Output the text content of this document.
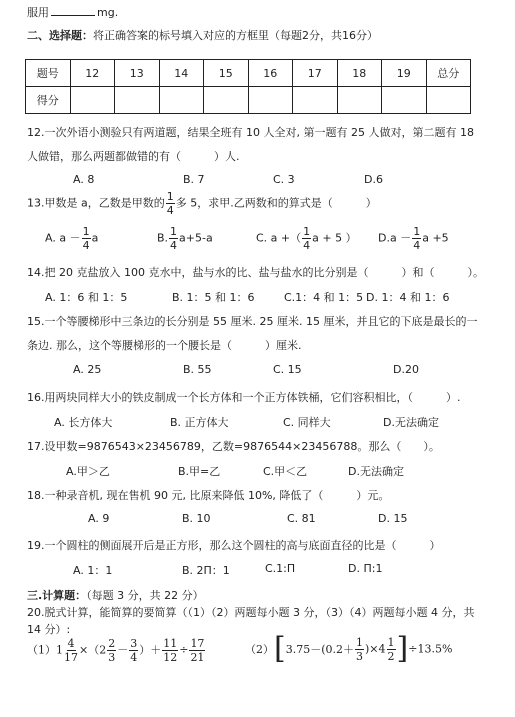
服用	mg.
二、选择题：将正确答案的标号填入对应的方框里（每题2分，共16分）
题号	12	13	14	15	16	17	18	19	总分
得分									
12.一次外语小测验只有两道题，结果全班有 10 人全对, 第一题有 25 人做对，第二题有 18
人做错，那么两题都做错的有（　　　）人.
A. 8	B. 7	C. 3	D.6
13.甲数是 a，乙数是甲数的 $\frac{1}{4}$ 多 5，求甲.乙两数和的算式是（　　　）
A. $a - \frac{1}{4}$ a	B. $\frac{1}{4} a+5-a$	C. a +（ $\frac{1}{4}$ a + 5 ） $D.a - \frac{1}{4}$ a +5
14.把 20 克盐放入 100 克水中，盐与水的比、盐与盐水的比分别是（　　　）和（　　　）。
A. 1：6 和 1：5	B. 1：5 和 1：6	C.1：4 和 1：5 D. 1：4 和 1：6
15.一个等腰梯形中三条边的长分别是 55 厘米. 25 厘米. 15 厘米，并且它的下底是最长的一
条边. 那么，这个等腰梯形的一个腰长是（　　　）厘米.
A. 25	B. 55	C. 15	D.20
16.用两块同样大小的铁皮制成一个长方体和一个正方体铁桶，它们容积相比，（　　　）.
A. 长方体大	B. 正方体大	C. 同样大	D.无法确定
17.设甲数=9876543×23456789，乙数=9876544×23456788。那么（　　）。
A.甲＞乙	B.甲=乙	C.甲＜乙	D.无法确定
18.一种录音机, 现在售机 90 元, 比原来降低 10%, 降低了（　　　）元。
A. 9	B. 10	C. 81	D. 15
19.一个圆柱的侧面展开后是正方形，那么这个圆柱的高与底面直径的比是（　　　）
A. 1：1	B. 2Π：1	C.1:Π	D. Π:1
三.计算题：（每题 3 分，共 22 分）
20.脱式计算，能简算的要简算（（1）（2）两题每小题 3 分，（3）（4）两题每小题 4 分，共
14 分）:
$(1)1 \frac{4}{17} \times(2 \frac{2}{3} - \frac{3}{4}$ ）＋ $\frac{11}{12} \div \frac{17}{21}$	$(2)[3.75-(0.2+ \frac{1}{3} )\times 4 \frac{1}{2} ]\div 13.5\%$
